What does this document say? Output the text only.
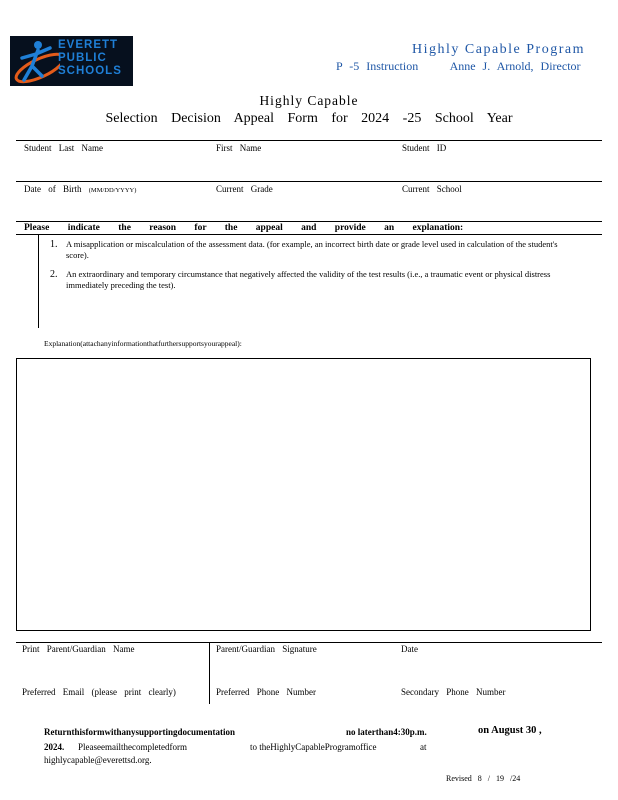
EVERETT
PUBLIC
SCHOOLS
Highly Capable Program
P -5 Instruction	Anne J. Arnold, Director
Highly Capable
Selection Decision Appeal Form for 2024 -25 School Year
Student Last Name	First Name	Student ID
Date of Birth (MM/DD/YYYY)	Current Grade	Current School
Please indicate the reason for the appeal and provide an explanation:
1. A misapplication or miscalculation of the assessment data. (for example, an incorrect birth date or grade level used in calculation of the student's score).
2. An extraordinary and temporary circumstance that negatively affected the validity of the test results (i.e., a traumatic event or physical distress immediately preceding the test).
Explanation(attachanyinformationthatfurthersupportsyourappeal):
Print Parent/Guardian Name	Parent/Guardian Signature	Date
Preferred Email (please print clearly)	Preferred Phone Number	Secondary Phone Number
Returnthisformwithanysupportingdocumentation	no laterthan4:30p.m.	on August 30 ,
2024. Pleaseemailthecompletedform	to theHighlyCapableProgramoffice	at
highlycapable@everettsd.org.
Revised 8 / 19 /24
